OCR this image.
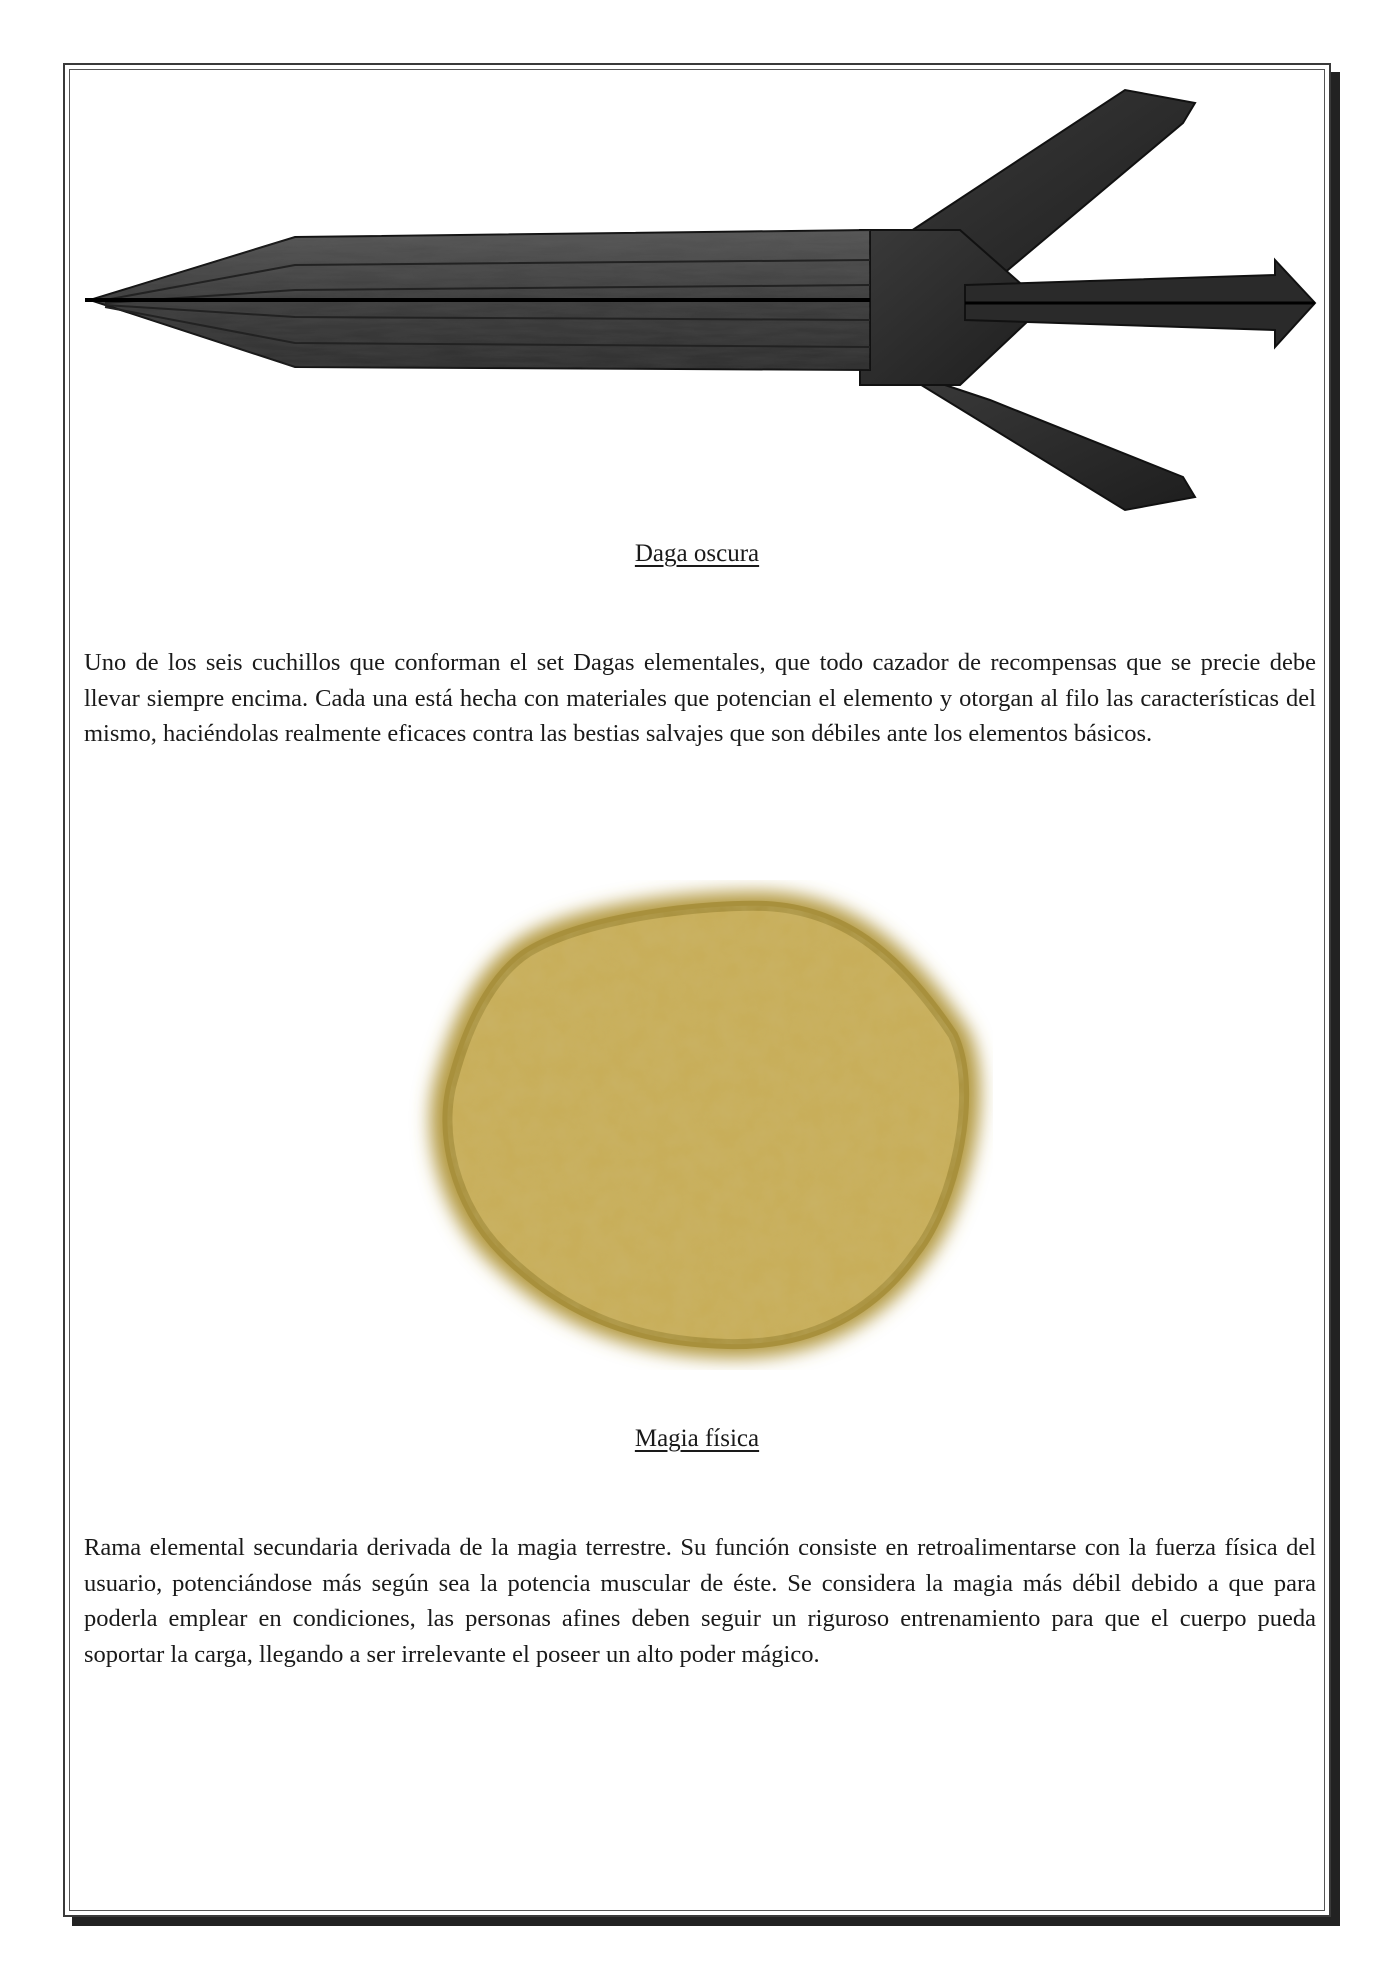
Daga oscura

Uno de los seis cuchillos que conforman el set Dagas elementales, que todo cazador de recompensas que se precie debe llevar siempre encima. Cada una está hecha con materiales que potencian el elemento y otorgan al filo las características del mismo, haciéndolas realmente eficaces contra las bestias salvajes que son débiles ante los elementos básicos.

Magia física

Rama elemental secundaria derivada de la magia terrestre. Su función consiste en retroalimentarse con la fuerza física del usuario, potenciándose más según sea la potencia muscular de éste. Se considera la magia más débil debido a que para poderla emplear en condiciones, las personas afines deben seguir un riguroso entrenamiento para que el cuerpo pueda soportar la carga, llegando a ser irrelevante el poseer un alto poder mágico.
